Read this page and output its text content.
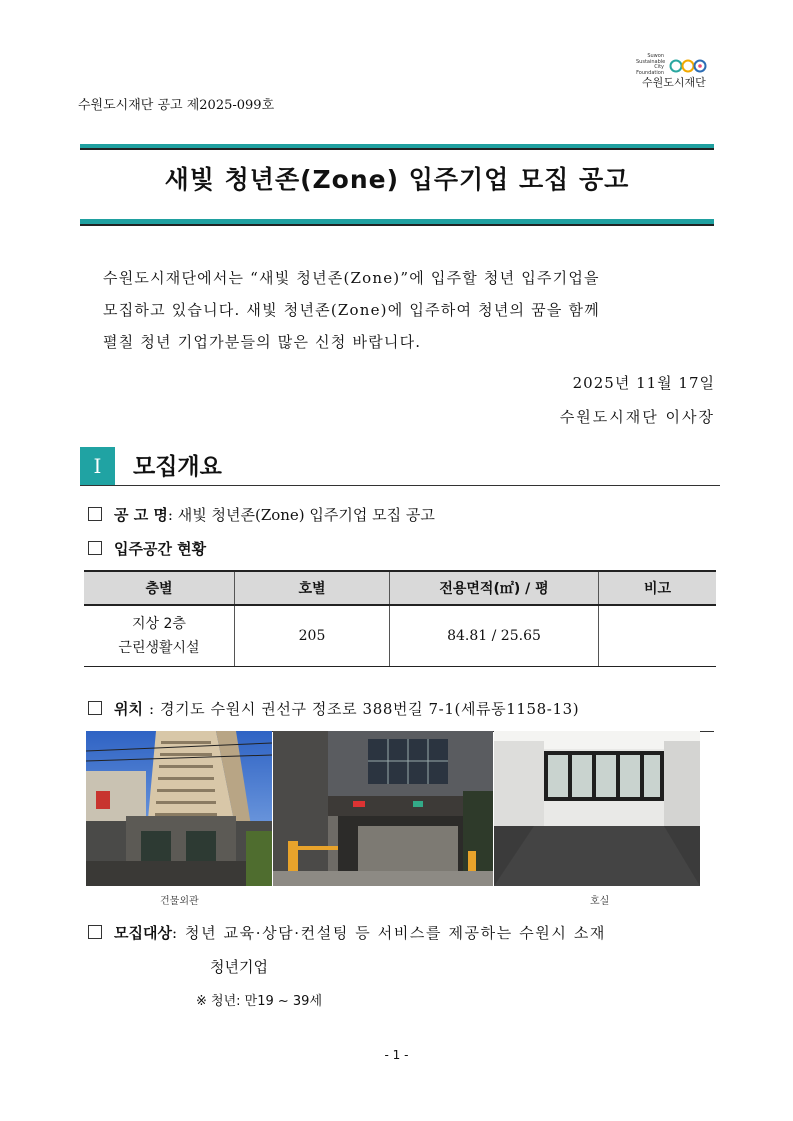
Suwon
Sustainable
City Foundation
수원도시재단
수원도시재단 공고 제2025-099호
새빛 청년존(Zone) 입주기업 모집 공고
수원도시재단에서는 “새빛 청년존(Zone)”에 입주할 청년 입주기업을
모집하고 있습니다. 새빛 청년존(Zone)에 입주하여 청년의 꿈을 함께
펼칠 청년 기업가분들의 많은 신청 바랍니다.
2025년 11월 17일
수원도시재단 이사장
I	모집개요
공 고 명: 새빛 청년존(Zone) 입주기업 모집 공고
입주공간 현황
층별	호별	전용면적(㎡) / 평	비고

지상 2층
근린생활시설	205	84.81 / 25.65	
위치 : 경기도 수원시 권선구 정조로 388번길 7-1(세류동1158-13)
건물외관	호실
모집대상: 청년 교육·상담·컨설팅 등 서비스를 제공하는 수원시 소재
청년기업
※ 청년: 만19 ~ 39세
- 1 -
